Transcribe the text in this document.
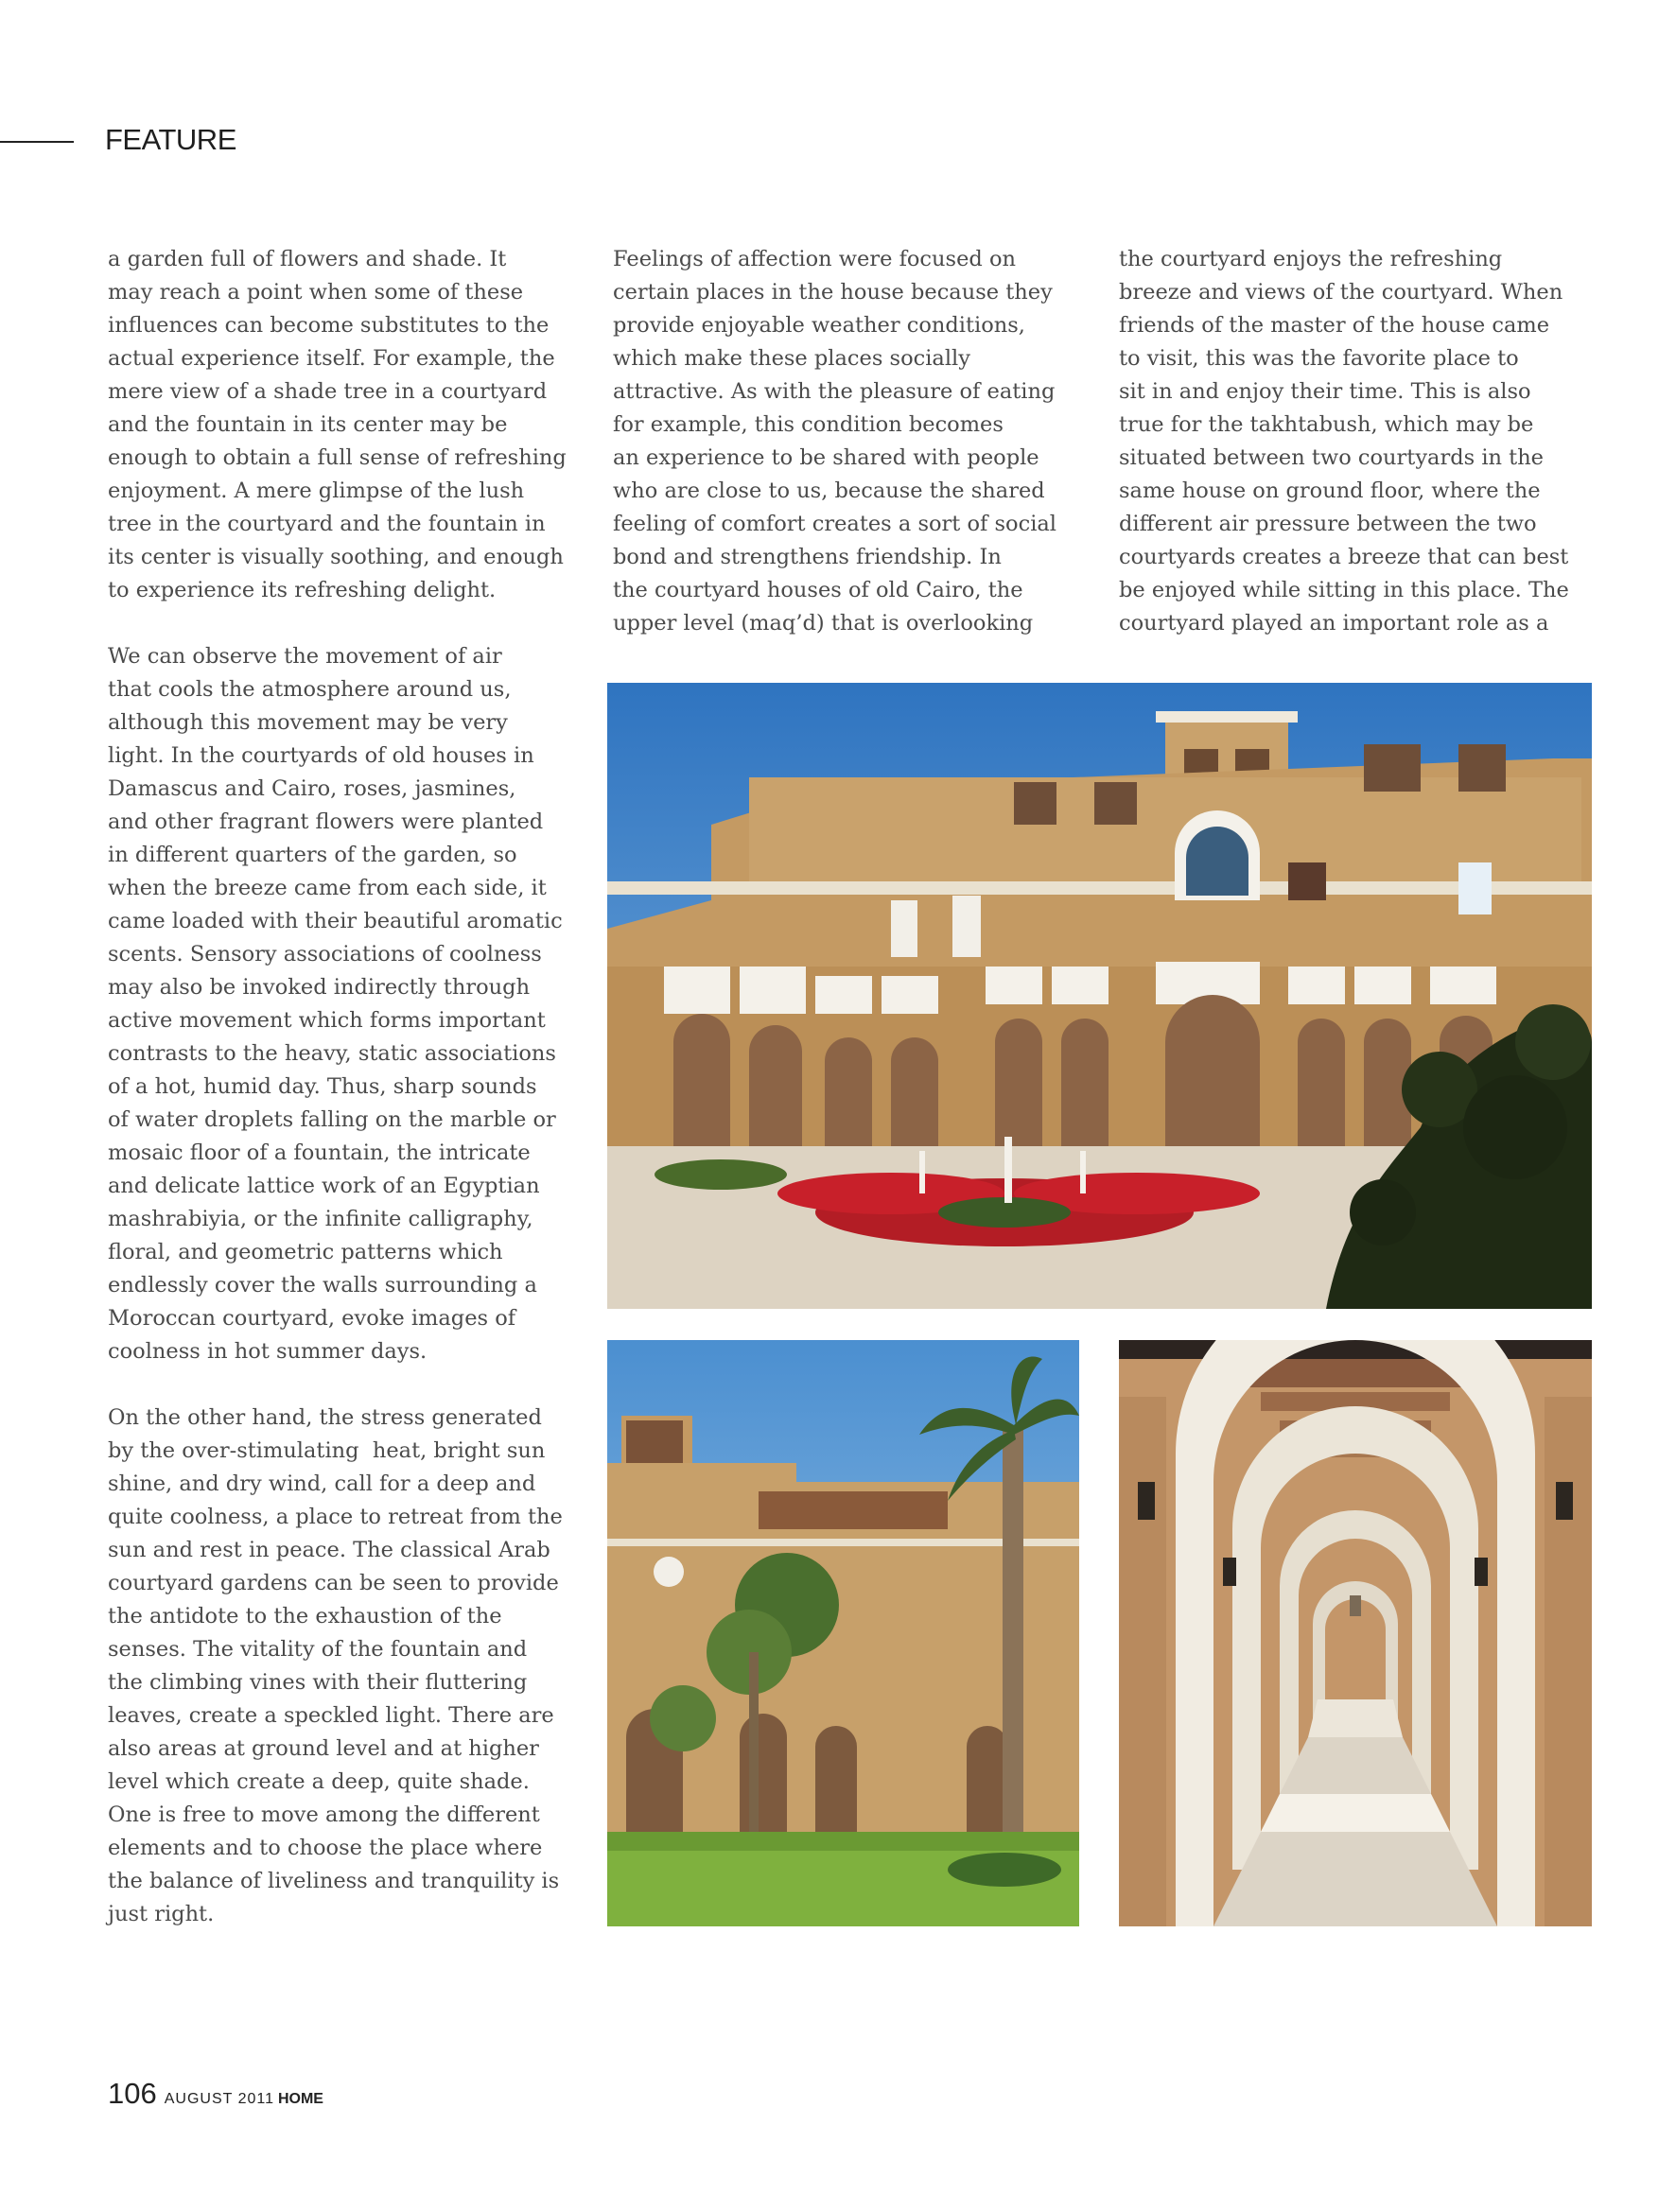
FEATURE

a garden full of flowers and shade. It

may reach a point when some of these

influences can become substitutes to the

actual experience itself. For example, the

mere view of a shade tree in a courtyard

and the fountain in its center may be

enough to obtain a full sense of refreshing

enjoyment. A mere glimpse of the lush

tree in the courtyard and the fountain in

its center is visually soothing, and enough

to experience its refreshing delight.

We can observe the movement of air

that cools the atmosphere around us,

although this movement may be very

light. In the courtyards of old houses in

Damascus and Cairo, roses, jasmines,

and other fragrant flowers were planted

in different quarters of the garden, so

when the breeze came from each side, it

came loaded with their beautiful aromatic

scents. Sensory associations of coolness

may also be invoked indirectly through

active movement which forms important

contrasts to the heavy, static associations

of a hot, humid day. Thus, sharp sounds

of water droplets falling on the marble or

mosaic floor of a fountain, the intricate

and delicate lattice work of an Egyptian

mashrabiyia, or the infinite calligraphy,

floral, and geometric patterns which

endlessly cover the walls surrounding a

Moroccan courtyard, evoke images of

coolness in hot summer days.

On the other hand, the stress generated

by the over-stimulating  heat, bright sun

shine, and dry wind, call for a deep and

quite coolness, a place to retreat from the

sun and rest in peace. The classical Arab

courtyard gardens can be seen to provide

the antidote to the exhaustion of the

senses. The vitality of the fountain and

the climbing vines with their fluttering

leaves, create a speckled light. There are

also areas at ground level and at higher

level which create a deep, quite shade.

One is free to move among the different

elements and to choose the place where

the balance of liveliness and tranquility is

just right.

Feelings of affection were focused on

certain places in the house because they

provide enjoyable weather conditions,

which make these places socially

attractive. As with the pleasure of eating

for example, this condition becomes

an experience to be shared with people

who are close to us, because the shared

feeling of comfort creates a sort of social

bond and strengthens friendship. In

the courtyard houses of old Cairo, the

upper level (maq’d) that is overlooking

the courtyard enjoys the refreshing

breeze and views of the courtyard. When

friends of the master of the house came

to visit, this was the favorite place to

sit in and enjoy their time. This is also

true for the takhtabush, which may be

situated between two courtyards in the

same house on ground floor, where the

different air pressure between the two

courtyards creates a breeze that can best

be enjoyed while sitting in this place. The

courtyard played an important role as a

106 AUGUST 2011 HOME
